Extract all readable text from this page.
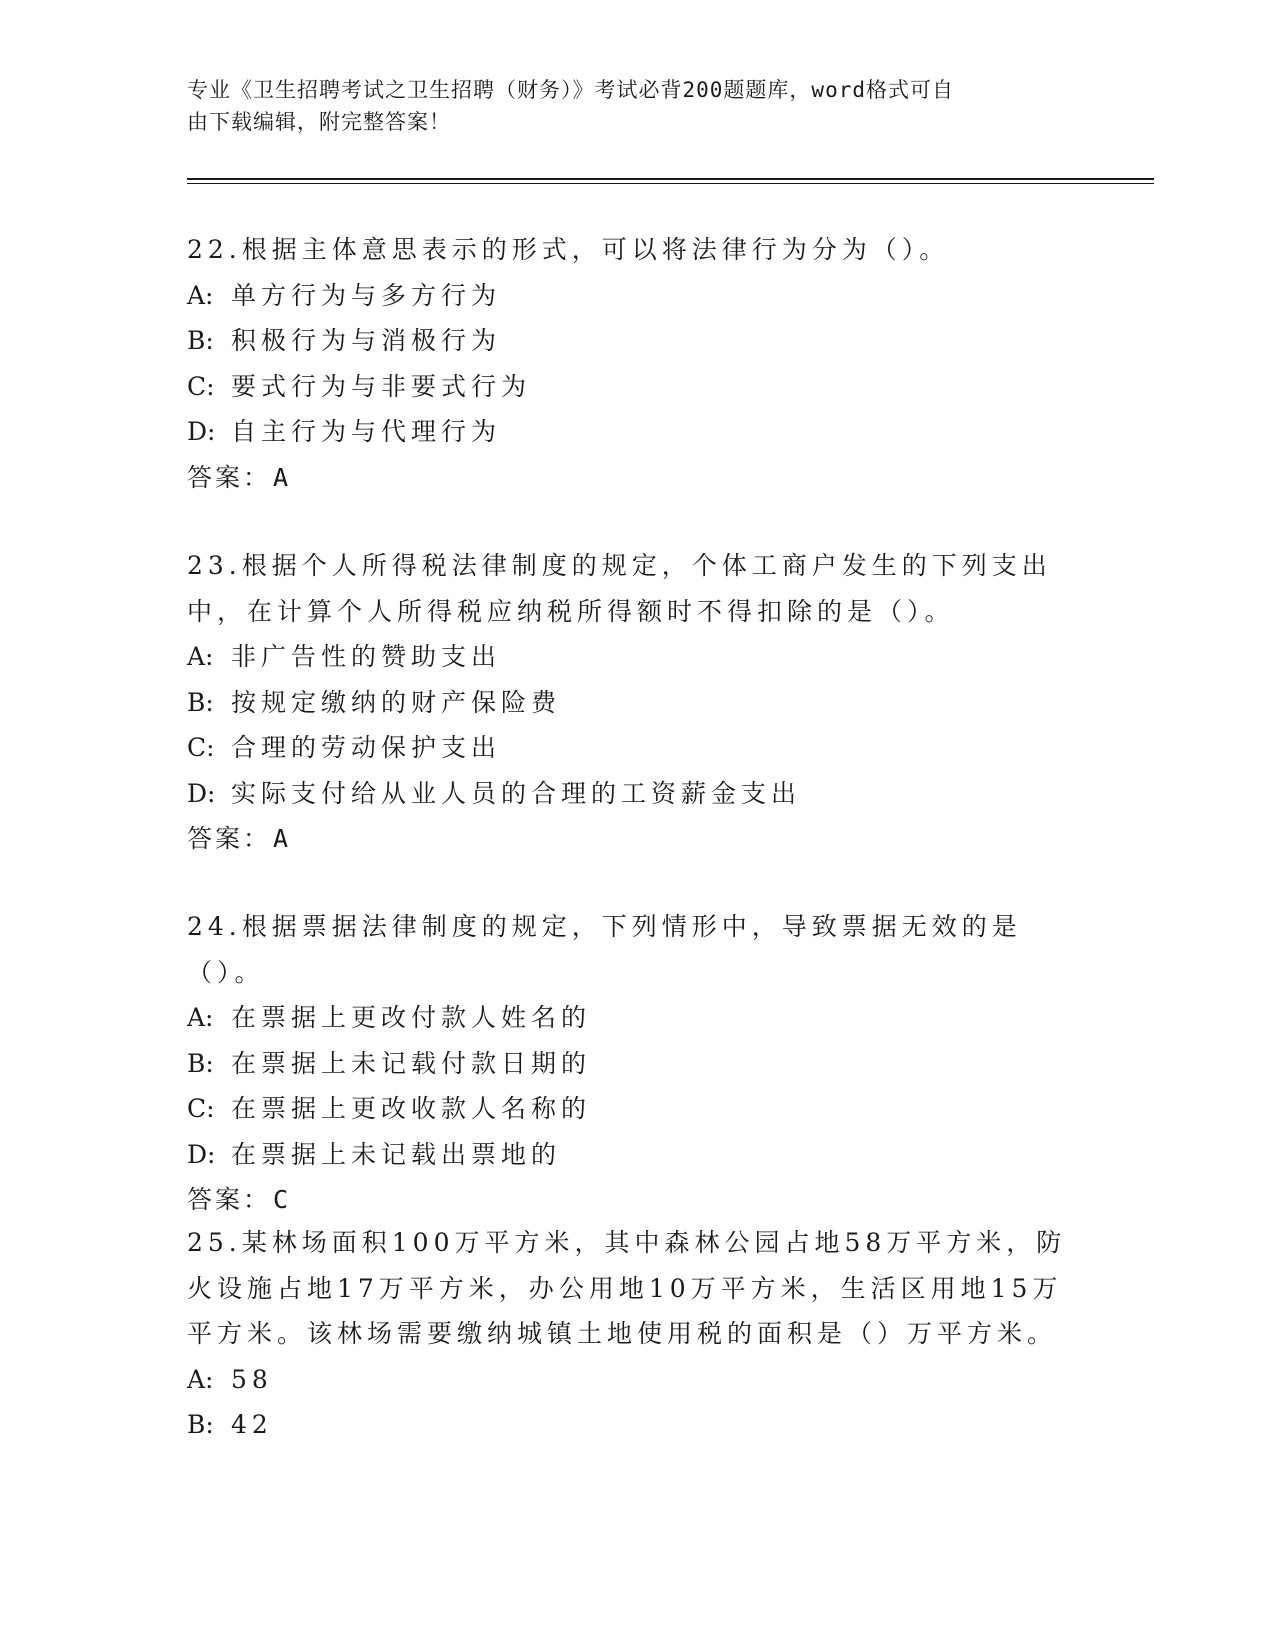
专业《卫生招聘考试之卫生招聘（财务）》考试必背200题题库，word格式可自
由下载编辑，附完整答案！
22.根据主体意思表示的形式，可以将法律行为分为（）。
A: 单方行为与多方行为
B: 积极行为与消极行为
C: 要式行为与非要式行为
D: 自主行为与代理行为
答案：A
23.根据个人所得税法律制度的规定，个体工商户发生的下列支出中，在计算个人所得税应纳税所得额时不得扣除的是（）。
A: 非广告性的赞助支出
B: 按规定缴纳的财产保险费
C: 合理的劳动保护支出
D: 实际支付给从业人员的合理的工资薪金支出
答案：A
24.根据票据法律制度的规定，下列情形中，导致票据无效的是（）。
A: 在票据上更改付款人姓名的
B: 在票据上未记载付款日期的
C: 在票据上更改收款人名称的
D: 在票据上未记载出票地的
答案：C
25.某林场面积100万平方米，其中森林公园占地58万平方米，防火设施占地17万平方米，办公用地10万平方米，生活区用地15万平方米。该林场需要缴纳城镇土地使用税的面积是（）万平方米。
A: 58
B: 42
